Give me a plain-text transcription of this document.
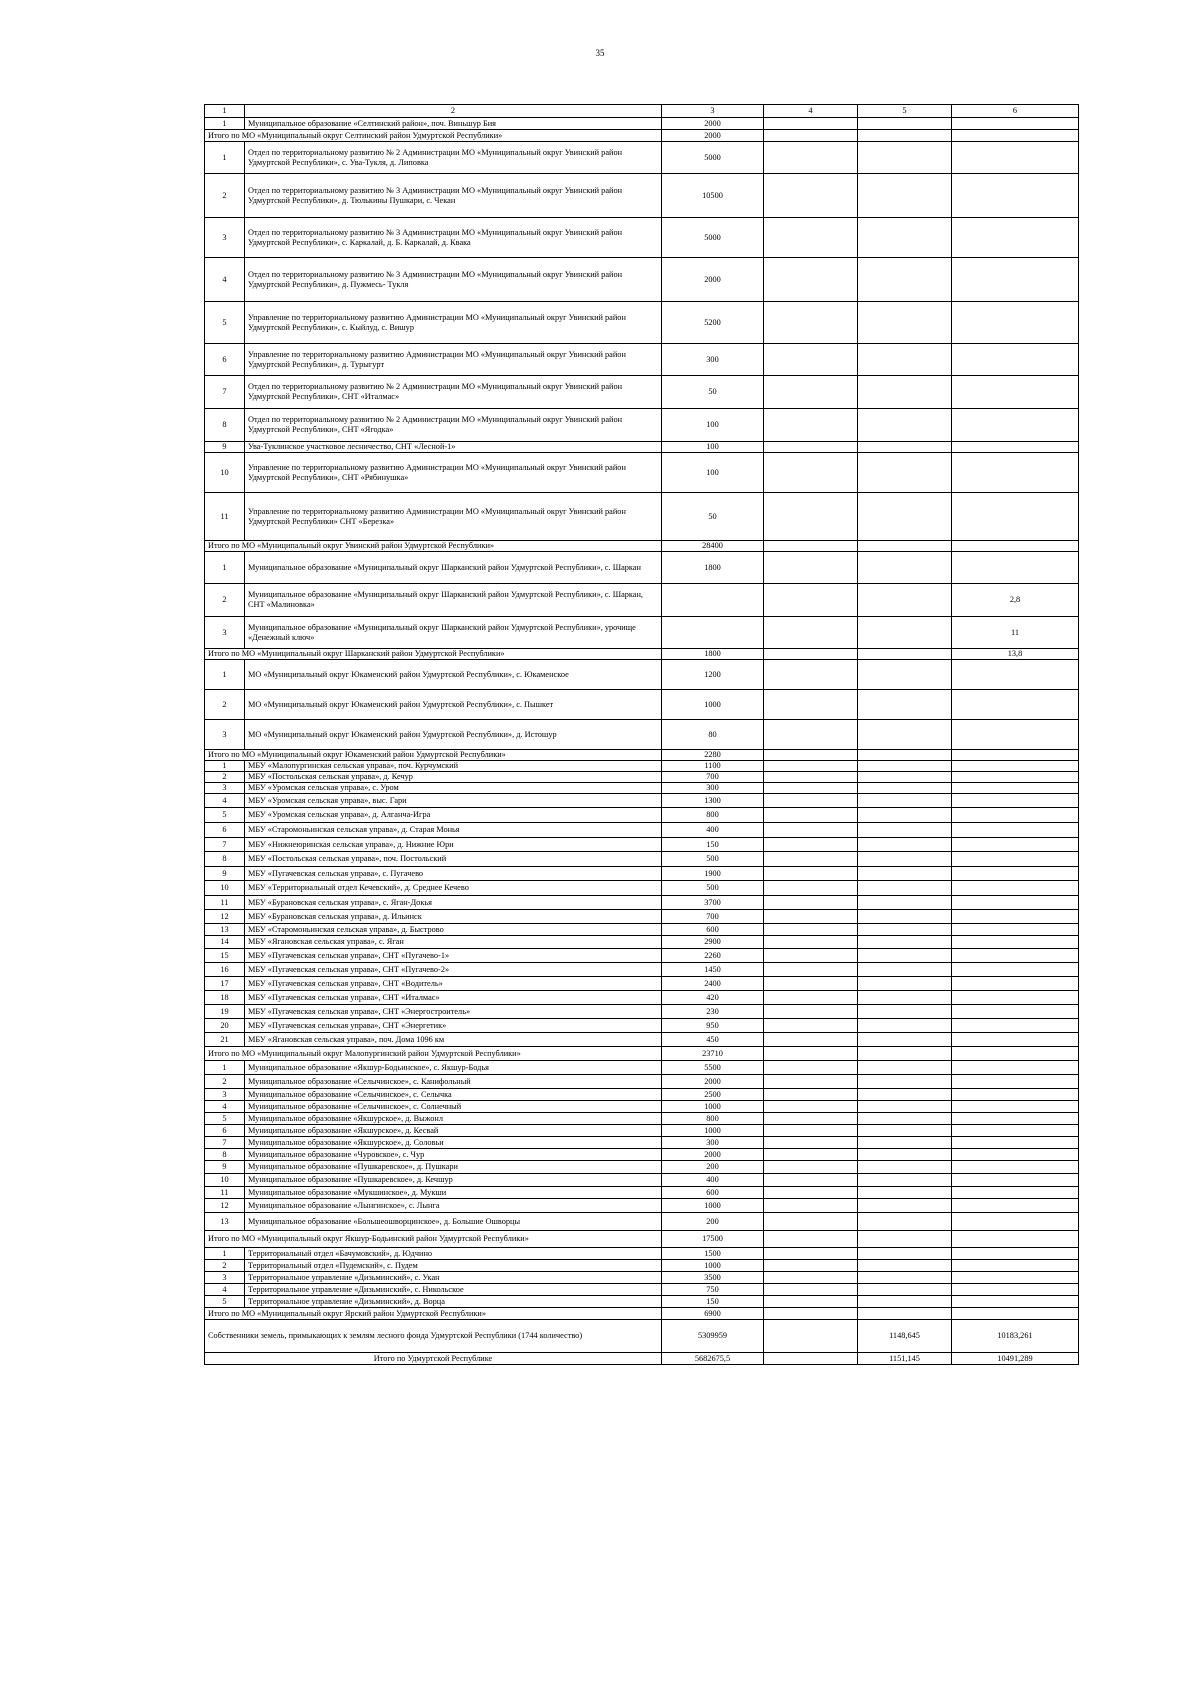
35
1	2	3	4	5	6
1	Муниципальное образование «Селтинский район», поч. Виньшур Бия	2000			
Итого по МО «Муниципальный округ Селтинский район Удмуртской Республики»		2000			
1	Отдел по территориальному развитию № 2 Администрации МО «Муниципальный округ Увинский район Удмуртской Республики», с. Ува-Тукля, д. Липовка	5000			
2	Отдел по территориальному развитию № 3 Администрации МО «Муниципальный округ Увинский район Удмуртской Республики», д. Тюлькины Пушкари, с. Чекан	10500			
3	Отдел по территориальному развитию № 3 Администрации МО «Муниципальный округ Увинский район Удмуртской Республики», с. Каркалай, д. Б. Каркалай, д. Квака	5000			
4	Отдел по территориальному развитию № 3 Администрации МО «Муниципальный округ Увинский район Удмуртской Республики», д. Пужмесь- Тукля	2000			
5	Управление по территориальному развитию Администрации МО «Муниципальный округ Увинский район Удмуртской Республики», с. Кыйлуд, с. Вишур	5200			
6	Управление по территориальному развитию Администрации МО «Муниципальный округ Увинский район Удмуртской Республики», д. Турыгурт	300			
7	Отдел по территориальному развитию № 2 Администрации МО «Муниципальный округ Увинский район Удмуртской Республики», СНТ «Италмас»	50			
8	Отдел по территориальному развитию № 2 Администрации МО «Муниципальный округ Увинский район Удмуртской Республики», СНТ «Ягодка»	100			
9	Ува-Туклинское участковое лесничество, СНТ «Лесной-1»	100			
10	Управление по территориальному развитию Администрации МО «Муниципальный округ Увинский район Удмуртской Республики», СНТ «Рябинушка»	100			
11	Управление по территориальному развитию Администрации МО «Муниципальный округ Увинский район Удмуртской Республики» СНТ «Березка»	50			
Итого по МО «Муниципальный округ Увинский район Удмуртской Республики»		28400			
1	Муниципальное образование «Муниципальный округ Шарканский район Удмуртской Республики», с. Шаркан	1800			
2	Муниципальное образование «Муниципальный округ Шарканский район Удмуртской Республики», с. Шаркан, СНТ «Малиновка»				2,8
3	Муниципальное образование «Муниципальный округ Шарканский район Удмуртской Республики», урочище «Денежный ключ»				11
Итого по МО «Муниципальный округ Шарканский район Удмуртской Республики»		1800			13,8
1	МО «Муниципальный округ Юкаменский район Удмуртской Республики», с. Юкаменское	1200			
2	МО «Муниципальный округ Юкаменский район Удмуртской Республики», с. Пышкет	1000			
3	МО «Муниципальный округ Юкаменский район Удмуртской Республики», д. Истошур	80			
Итого по МО «Муниципальный округ Юкаменский район Удмуртской Республики»		2280			
1	МБУ «Малопургинская сельская управа», поч. Курчумский	1100			
2	МБУ «Постольская сельская управа», д. Кечур	700			
3	МБУ «Уромская сельская управа», с. Уром	300			
4	МБУ «Уромская сельская управа», выс. Гари	1300			
5	МБУ «Уромская сельская управа», д. Алганча-Игра	800			
6	МБУ «Старомоньинская сельская управа», д. Старая Монья	400			
7	МБУ «Нижнеюринская сельская управа», д. Нижние Юри	150			
8	МБУ «Постольская сельская управа», поч. Постольский	500			
9	МБУ «Пугачевская сельская управа», с. Пугачево	1900			
10	МБУ «Территориальный отдел Кечевский», д. Среднее Кечево	500			
11	МБУ «Бурановская сельская управа», с. Яган-Докья	3700			
12	МБУ «Бурановская сельская управа», д. Ильинск	700			
13	МБУ «Старомоньинская сельская управа», д. Быстрово	600			
14	МБУ «Ягановская сельская управа», с. Яган	2900			
15	МБУ «Пугачевская сельская управа», СНТ «Пугачево-1»	2260			
16	МБУ «Пугачевская сельская управа», СНТ «Пугачево-2»	1450			
17	МБУ «Пугачевская сельская управа», СНТ «Водитель»	2400			
18	МБУ «Пугачевская сельская управа», СНТ «Италмас»	420			
19	МБУ «Пугачевская сельская управа», СНТ «Энергостроитель»	230			
20	МБУ «Пугачевская сельская управа», СНТ «Энергетик»	950			
21	МБУ «Ягановская сельская управа», поч. Дома 1096 км	450			
Итого по МО «Муниципальный округ Малопургинский район Удмуртской Республики»		23710			
1	Муниципальное образование «Якшур-Бодьинское», с. Якшур-Бодья	5500			
2	Муниципальное образование «Селычинское», с. Канифольный	2000			
3	Муниципальное образование «Селычинское», с. Селычка	2500			
4	Муниципальное образование «Селычинское», с. Солнечный	1000			
5	Муниципальное образование «Якшурское», д. Выжонл	800			
6	Муниципальное образование «Якшурское», д. Кесвай	1000			
7	Муниципальное образование «Якшурское», д. Соловьи	300			
8	Муниципальное образование «Чуровское», с. Чур	2000			
9	Муниципальное образование «Пушкаревское», д. Пушкари	200			
10	Муниципальное образование «Пушкаревское», д. Кечшур	400			
11	Муниципальное образование «Мукшинское», д. Мукши	600			
12	Муниципальное образование «Лынгинское», с. Лынга	1000			
13	Муниципальное образование «Большеошворцинское», д. Большие Ошворцы	200			
Итого по МО «Муниципальный округ Якшур-Бодьинский район Удмуртской Республики»		17500			
1	Территориальный отдел «Бачумовский», д. Юдчино	1500			
2	Территориальный отдел «Пудемский», с. Пудем	1000			
3	Территориальное управление «Дизьминский», с. Укан	3500			
4	Территориальное управление «Дизьминский», с. Никольское	750			
5	Территориальное управление «Дизьминский», д. Ворца	150			
Итого по МО «Муниципальный округ Ярский район Удмуртской Республики»		6900			
Собственники земель, примыкающих к землям лесного фонда Удмуртской Республики (1744 количество)		5309959		1148,645	10183,261
Итого по Удмуртской Республике		5682675,5		1151,145	10491,289
